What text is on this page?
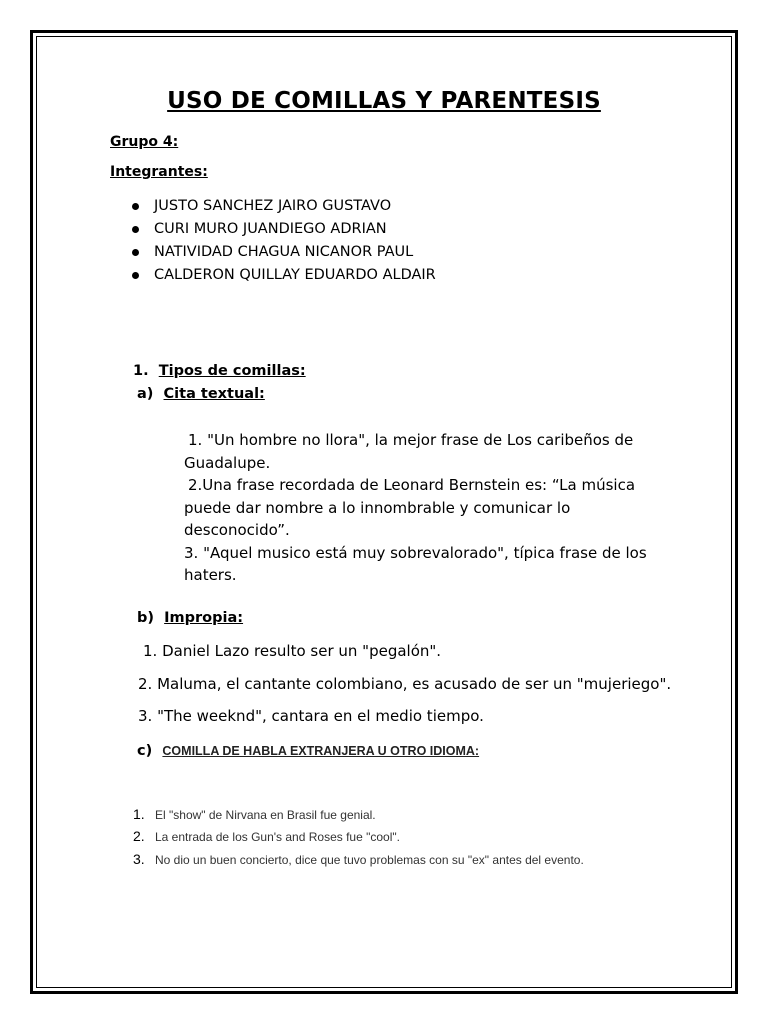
USO DE COMILLAS Y PARENTESIS
Grupo 4:
Integrantes:
JUSTO SANCHEZ JAIRO GUSTAVO
CURI MURO JUANDIEGO ADRIAN
NATIVIDAD CHAGUA NICANOR PAUL
CALDERON QUILLAY EDUARDO ALDAIR
1. Tipos de comillas:
a) Cita textual:
1. "Un hombre no llora", la mejor frase de Los caribeños de Guadalupe.
2.Una frase recordada de Leonard Bernstein es: “La música puede dar nombre a lo innombrable y comunicar lo desconocido”.
3. "Aquel musico está muy sobrevalorado", típica frase de los haters.
b) Impropia:
1. Daniel Lazo resulto ser un "pegalón".
2. Maluma, el cantante colombiano, es acusado de ser un "mujeriego".
3. "The weeknd", cantara en el medio tiempo.
c) COMILLA DE HABLA EXTRANJERA U OTRO IDIOMA:
1. El "show" de Nirvana en Brasil fue genial.
2. La entrada de los Gun's and Roses fue "cool".
3. No dio un buen concierto, dice que tuvo problemas con su "ex" antes del evento.
